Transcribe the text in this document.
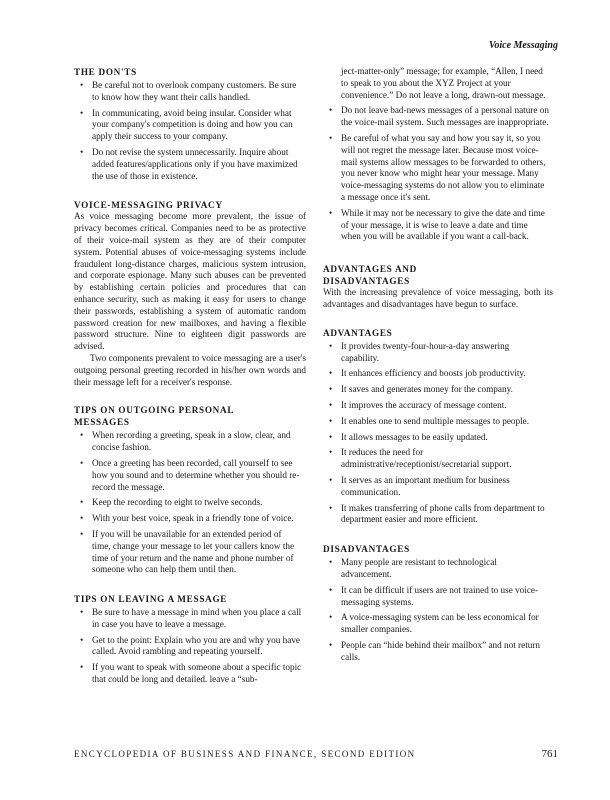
Voice Messaging
THE DON'TS
• Be careful not to overlook company customers. Be sure to know how they want their calls handled.
• In communicating, avoid being insular. Consider what your company's competition is doing and how you can apply their success to your company.
• Do not revise the system unnecessarily. Inquire about added features/applications only if you have maximized the use of those in existence.
VOICE-MESSAGING PRIVACY

As voice messaging become more prevalent, the issue of privacy becomes critical. Companies need to be as protective of their voice-mail system as they are of their computer system. Potential abuses of voice-messaging systems include fraudulent long-distance charges, malicious system intrusion, and corporate espionage. Many such abuses can be prevented by establishing certain policies and procedures that can enhance security, such as making it easy for users to change their passwords, establishing a system of automatic random password creation for new mailboxes, and having a flexible password structure. Nine to eighteen digit passwords are advised.

Two components prevalent to voice messaging are a user's outgoing personal greeting recorded in his/her own words and their message left for a receiver's response.

TIPS ON OUTGOING PERSONAL
MESSAGES
• When recording a greeting, speak in a slow, clear, and concise fashion.
• Once a greeting has been recorded, call yourself to see how you sound and to determine whether you should re-record the message.
• Keep the recording to eight to twelve seconds.
• With your best voice, speak in a friendly tone of voice.
• If you will be unavailable for an extended period of time, change your message to let your callers know the time of your return and the name and phone number of someone who can help them until then.
TIPS ON LEAVING A MESSAGE
• Be sure to have a message in mind when you place a call in case you have to leave a message.
• Get to the point: Explain who you are and why you have called. Avoid rambling and repeating yourself.
• If you want to speak with someone about a specific topic that could be long and detailed. leave a “sub-

ject-matter-only” message; for example, “Allen, I need to speak to you about the XYZ Project at your convenience.” Do not leave a long, drawn-out message.

• Do not leave bad-news messages of a personal nature on the voice-mail system. Such messages are inappropriate.
• Be careful of what you say and how you say it, so you will not regret the message later. Because most voice-mail systems allow messages to be forwarded to others, you never know who might hear your message. Many voice-messaging systems do not allow you to eliminate a message once it's sent.
• While it may not be necessary to give the date and time of your message, it is wise to leave a date and time when you will be available if you want a call-back.
ADVANTAGES AND
DISADVANTAGES

With the increasing prevalence of voice messaging, both its advantages and disadvantages have begun to surface.

ADVANTAGES
• It provides twenty-four-hour-a-day answering capability.
• It enhances efficiency and boosts job productivity.
• It saves and generates money for the company.
• It improves the accuracy of message content.
• It enables one to send multiple messages to people.
• It allows messages to be easily updated.
• It reduces the need for administrative/receptionist/secretarial support.
• It serves as an important medium for business communication.
• It makes transferring of phone calls from department to department easier and more efficient.
DISADVANTAGES
• Many people are resistant to technological advancement.
• It can be difficult if users are not trained to use voice-messaging systems.
• A voice-messaging system can be less economical for smaller companies.
• People can “hide behind their mailbox” and not return calls.
ENCYCLOPEDIA OF BUSINESS AND FINANCE, SECOND EDITION	761
